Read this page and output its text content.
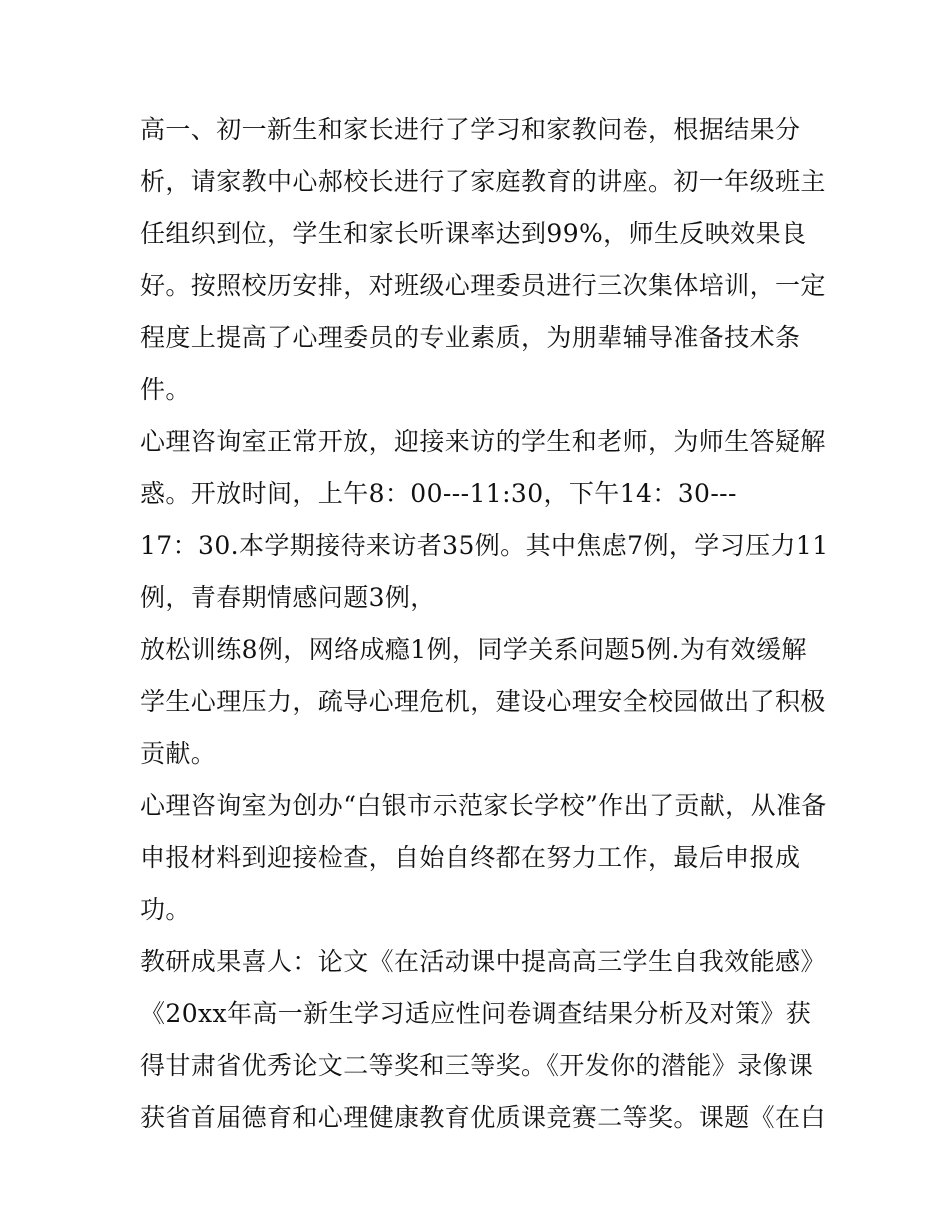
高一、初一新生和家长进行了学习和家教问卷，根据结果分
析，请家教中心郝校长进行了家庭教育的讲座。初一年级班主
任组织到位，学生和家长听课率达到99%，师生反映效果良
好。按照校历安排，对班级心理委员进行三次集体培训，一定
程度上提高了心理委员的专业素质，为朋辈辅导准备技术条
件。
心理咨询室正常开放，迎接来访的学生和老师，为师生答疑解
惑。开放时间，上午8：00---11:30，下午14：30---
17：30.本学期接待来访者35例。其中焦虑7例，学习压力11
例，青春期情感问题3例，
放松训练8例，网络成瘾1例，同学关系问题5例.为有效缓解
学生心理压力，疏导心理危机，建设心理安全校园做出了积极
贡献。
心理咨询室为创办“白银市示范家长学校”作出了贡献，从准备
申报材料到迎接检查，自始自终都在努力工作，最后申报成
功。
教研成果喜人：论文《在活动课中提高高三学生自我效能感》
《20xx年高一新生学习适应性问卷调查结果分析及对策》获
得甘肃省优秀论文二等奖和三等奖。《开发你的潜能》录像课
获省首届德育和心理健康教育优质课竞赛二等奖。课题《在白
